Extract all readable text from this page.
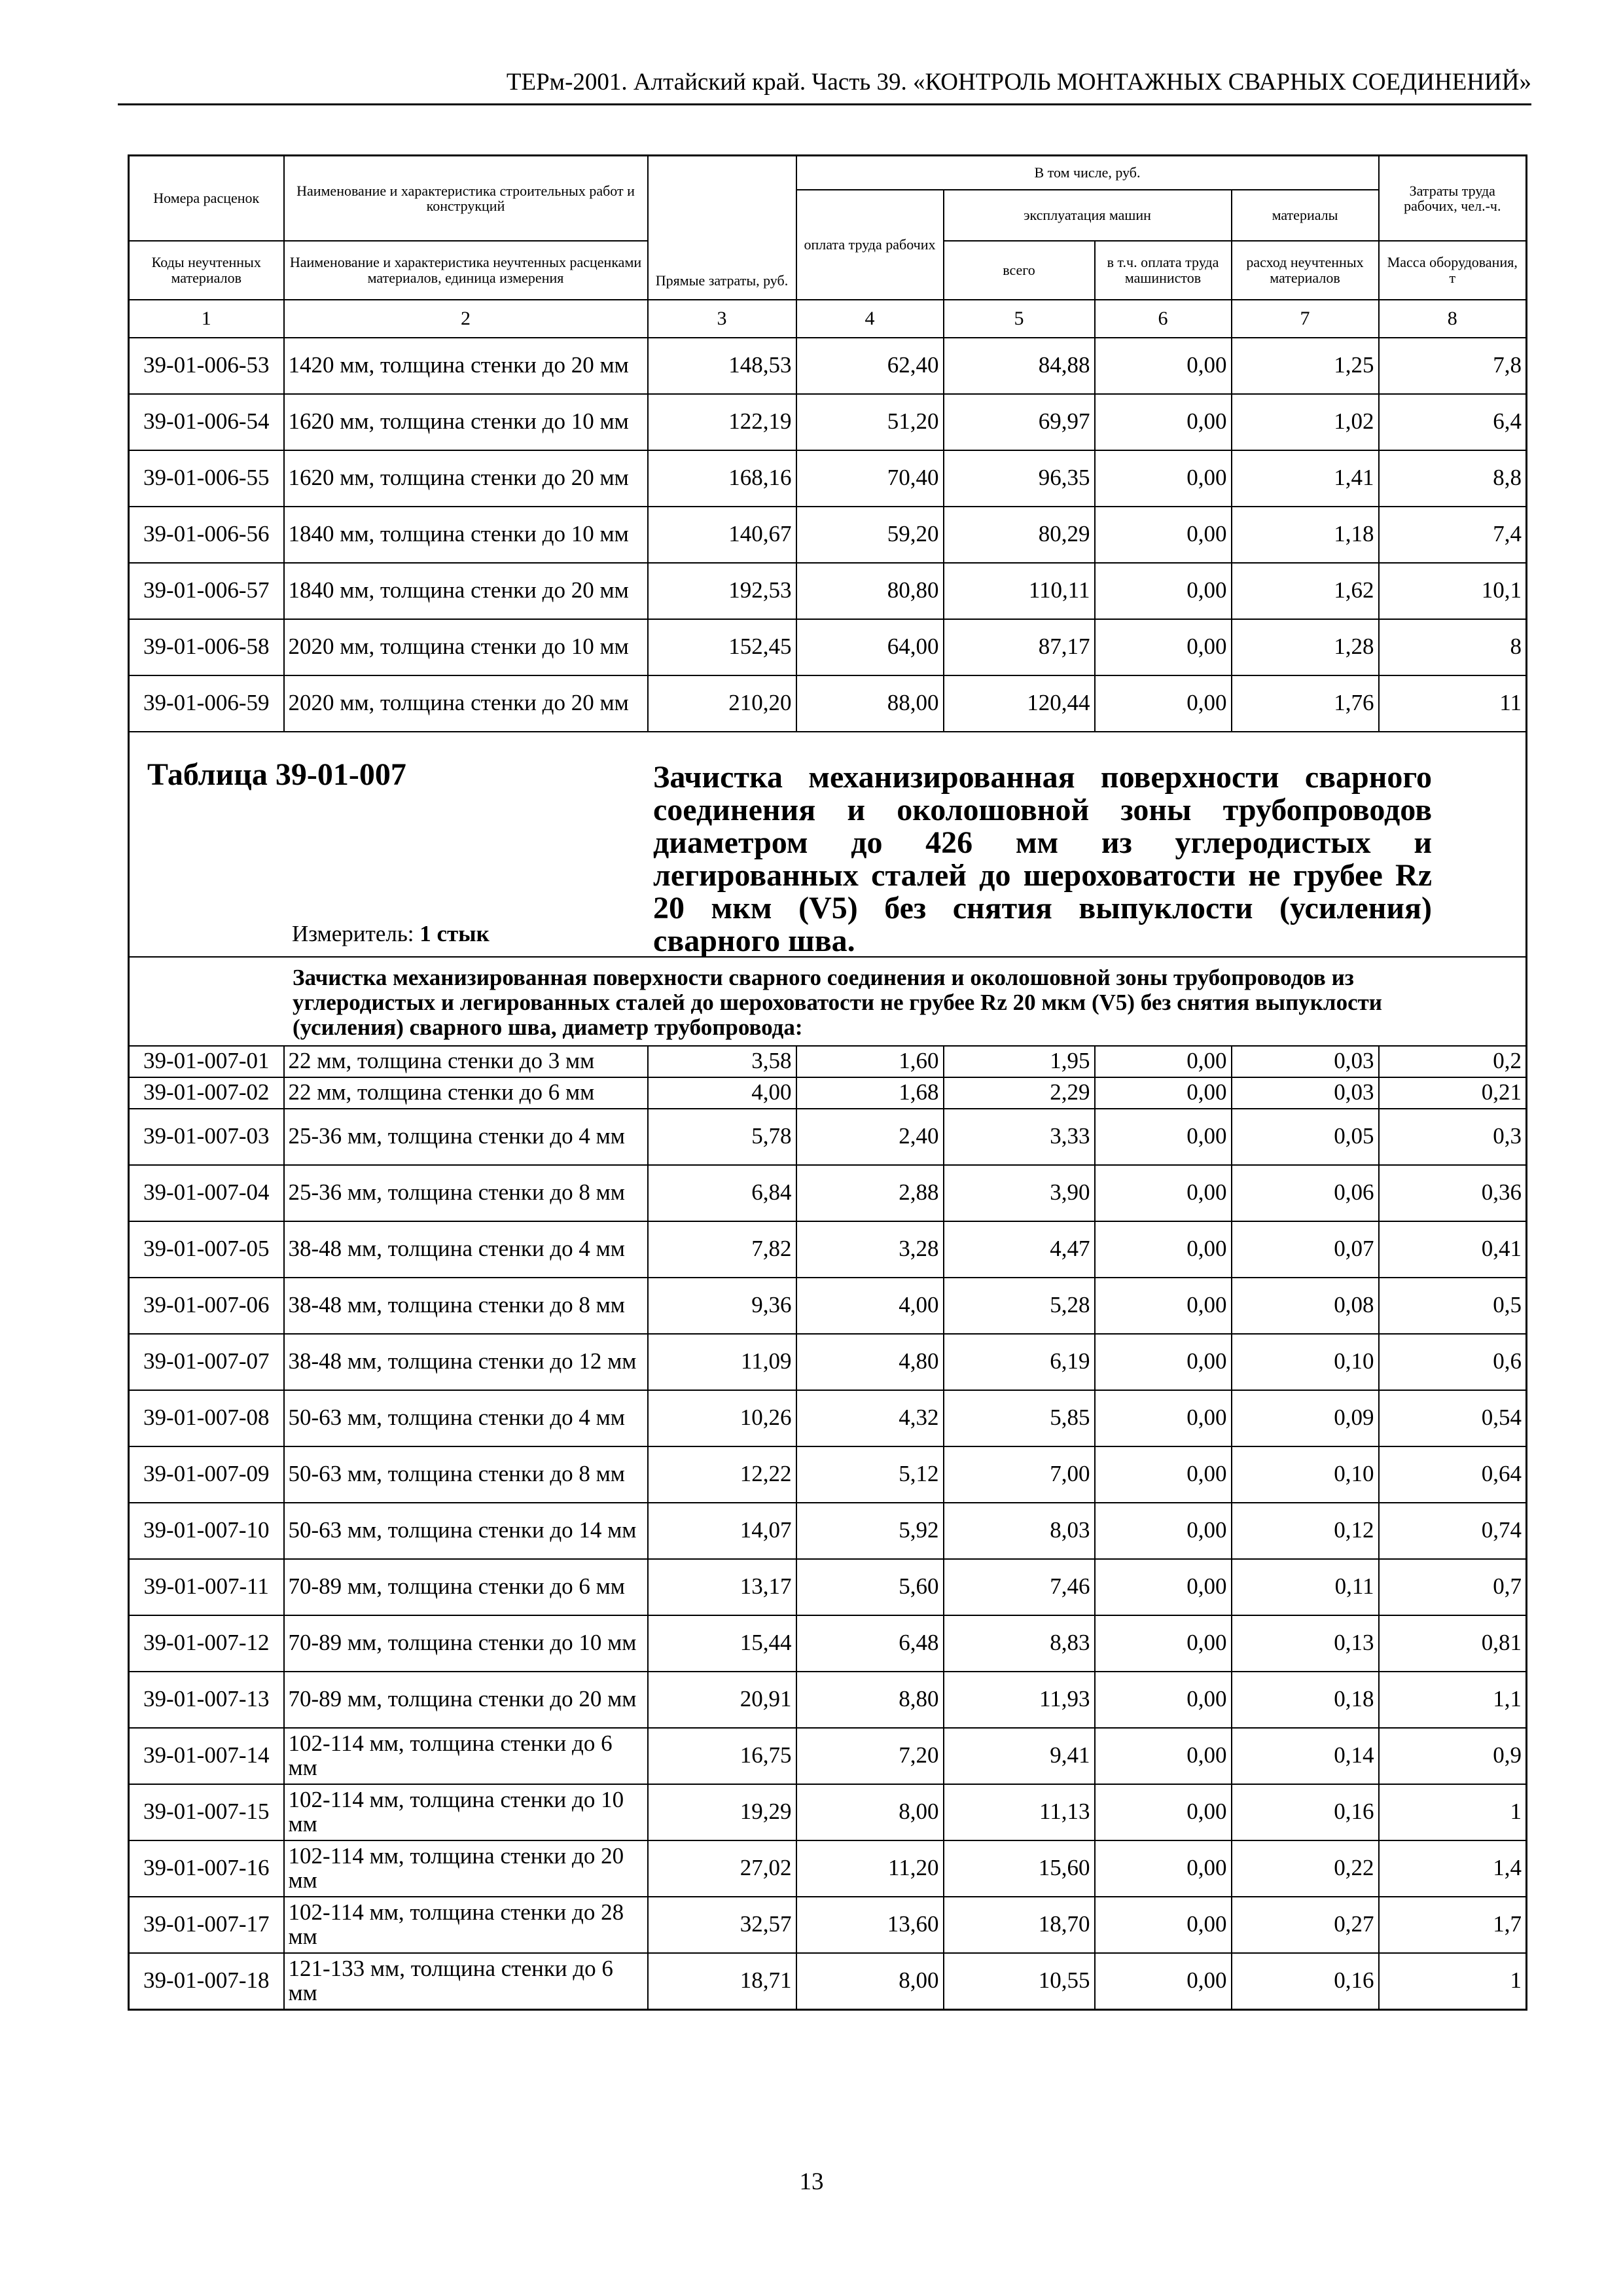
ТЕРм-2001. Алтайский край. Часть 39. «КОНТРОЛЬ МОНТАЖНЫХ СВАРНЫХ СОЕДИНЕНИЙ»
Номера расценок	Наименование и характеристика строительных работ и конструкций	Прямые затраты, руб.	В том числе, руб.				Затраты труда рабочих, чел.-ч.
			оплата труда рабочих	эксплуатация машин		материалы	
Коды неучтенных материалов	Наименование и характеристика неучтенных расценками материалов, единица измерения			всего	в т.ч. оплата труда машинистов	расход неучтенных материалов	Масса оборудования, т
1	2	3	4	5	6	7	8
39-01-006-53	1420 мм, толщина стенки до 20 мм	148,53	62,40	84,88	0,00	1,25	7,8
39-01-006-54	1620 мм, толщина стенки до 10 мм	122,19	51,20	69,97	0,00	1,02	6,4
39-01-006-55	1620 мм, толщина стенки до 20 мм	168,16	70,40	96,35	0,00	1,41	8,8
39-01-006-56	1840 мм, толщина стенки до 10 мм	140,67	59,20	80,29	0,00	1,18	7,4
39-01-006-57	1840 мм, толщина стенки до 20 мм	192,53	80,80	110,11	0,00	1,62	10,1
39-01-006-58	2020 мм, толщина стенки до 10 мм	152,45	64,00	87,17	0,00	1,28	8
39-01-006-59	2020 мм, толщина стенки до 20 мм	210,20	88,00	120,44	0,00	1,76	11

Таблица 39-01-007 Зачистка механизированная поверхности сварного соединения и околошовной зоны трубопроводов диаметром до 426 мм из углеродистых и легированных сталей до шероховатости не грубее Rz 20 мкм (V5) без снятия выпуклости (усиления) сварного шва.
Измеритель: 1 стык							

Зачистка механизированная поверхности сварного соединения и околошовной зоны трубопроводов из углеродистых и легированных сталей до шероховатости не грубее Rz 20 мкм (V5) без снятия выпуклости (усиления) сварного шва, диаметр трубопровода:							

39-01-007-01	22 мм, толщина стенки до 3 мм	3,58	1,60	1,95	0,00	0,03	0,2
39-01-007-02	22 мм, толщина стенки до 6 мм	4,00	1,68	2,29	0,00	0,03	0,21
39-01-007-03	25-36 мм, толщина стенки до 4 мм	5,78	2,40	3,33	0,00	0,05	0,3
39-01-007-04	25-36 мм, толщина стенки до 8 мм	6,84	2,88	3,90	0,00	0,06	0,36
39-01-007-05	38-48 мм, толщина стенки до 4 мм	7,82	3,28	4,47	0,00	0,07	0,41
39-01-007-06	38-48 мм, толщина стенки до 8 мм	9,36	4,00	5,28	0,00	0,08	0,5
39-01-007-07	38-48 мм, толщина стенки до 12 мм	11,09	4,80	6,19	0,00	0,10	0,6
39-01-007-08	50-63 мм, толщина стенки до 4 мм	10,26	4,32	5,85	0,00	0,09	0,54
39-01-007-09	50-63 мм, толщина стенки до 8 мм	12,22	5,12	7,00	0,00	0,10	0,64
39-01-007-10	50-63 мм, толщина стенки до 14 мм	14,07	5,92	8,03	0,00	0,12	0,74
39-01-007-11	70-89 мм, толщина стенки до 6 мм	13,17	5,60	7,46	0,00	0,11	0,7
39-01-007-12	70-89 мм, толщина стенки до 10 мм	15,44	6,48	8,83	0,00	0,13	0,81
39-01-007-13	70-89 мм, толщина стенки до 20 мм	20,91	8,80	11,93	0,00	0,18	1,1
39-01-007-14	102-114 мм, толщина стенки до 6 мм	16,75	7,20	9,41	0,00	0,14	0,9
39-01-007-15	102-114 мм, толщина стенки до 10 мм	19,29	8,00	11,13	0,00	0,16	1
39-01-007-16	102-114 мм, толщина стенки до 20 мм	27,02	11,20	15,60	0,00	0,22	1,4
39-01-007-17	102-114 мм, толщина стенки до 28 мм	32,57	13,60	18,70	0,00	0,27	1,7
39-01-007-18	121-133 мм, толщина стенки до 6 мм	18,71	8,00	10,55	0,00	0,16	1
13
